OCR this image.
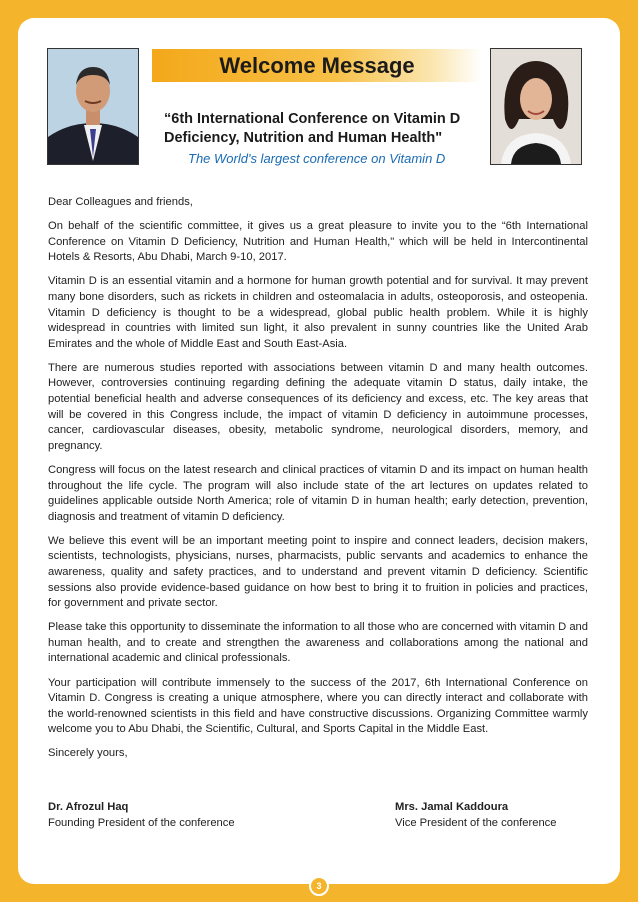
Welcome Message
“6th International Conference on Vitamin D Deficiency, Nutrition and Human Health"
The World's largest conference on Vitamin D

Dear Colleagues and friends,

On behalf of the scientific committee, it gives us a great pleasure to invite you to the “6th International Conference on Vitamin D Deficiency, Nutrition and Human Health," which will be held in Intercontinental Hotels & Resorts, Abu Dhabi, March 9-10, 2017.

Vitamin D is an essential vitamin and a hormone for human growth potential and for survival. It may prevent many bone disorders, such as rickets in children and osteomalacia in adults, osteoporosis, and osteopenia. Vitamin D deficiency is thought to be a widespread, global public health problem. While it is highly widespread in countries with limited sun light, it also prevalent in sunny countries like the United Arab Emirates and the whole of Middle East and South East-Asia.

There are numerous studies reported with associations between vitamin D and many health outcomes. However, controversies continuing regarding defining the adequate vitamin D status, daily intake, the potential beneficial health and adverse consequences of its deficiency and excess, etc. The key areas that will be covered in this Congress include, the impact of vitamin D deficiency in autoimmune processes, cancer, cardiovascular diseases, obesity, metabolic syndrome, neurological disorders, memory, and pregnancy.

Congress will focus on the latest research and clinical practices of vitamin D and its impact on human health throughout the life cycle. The program will also include state of the art lectures on updates related to guidelines applicable outside North America; role of vitamin D in human health; early detection, prevention, diagnosis and treatment of vitamin D deficiency.

We believe this event will be an important meeting point to inspire and connect leaders, decision makers, scientists, technologists, physicians, nurses, pharmacists, public servants and academics to enhance the awareness, quality and safety practices, and to understand and prevent vitamin D deficiency. Scientific sessions also provide evidence-based guidance on how best to bring it to fruition in policies and practices, for government and private sector.

Please take this opportunity to disseminate the information to all those who are concerned with vitamin D and human health, and to create and strengthen the awareness and collaborations among the national and international academic and clinical professionals.

Your participation will contribute immensely to the success of the 2017, 6th International Conference on Vitamin D. Congress is creating a unique atmosphere, where you can directly interact and collaborate with the world-renowned scientists in this field and have constructive discussions. Organizing Committee warmly welcome you to Abu Dhabi, the Scientific, Cultural, and Sports Capital in the Middle East.

Sincerely yours,

Dr. Afrozul Haq
Founding President of the conference
Mrs. Jamal Kaddoura
Vice President of the conference
3
